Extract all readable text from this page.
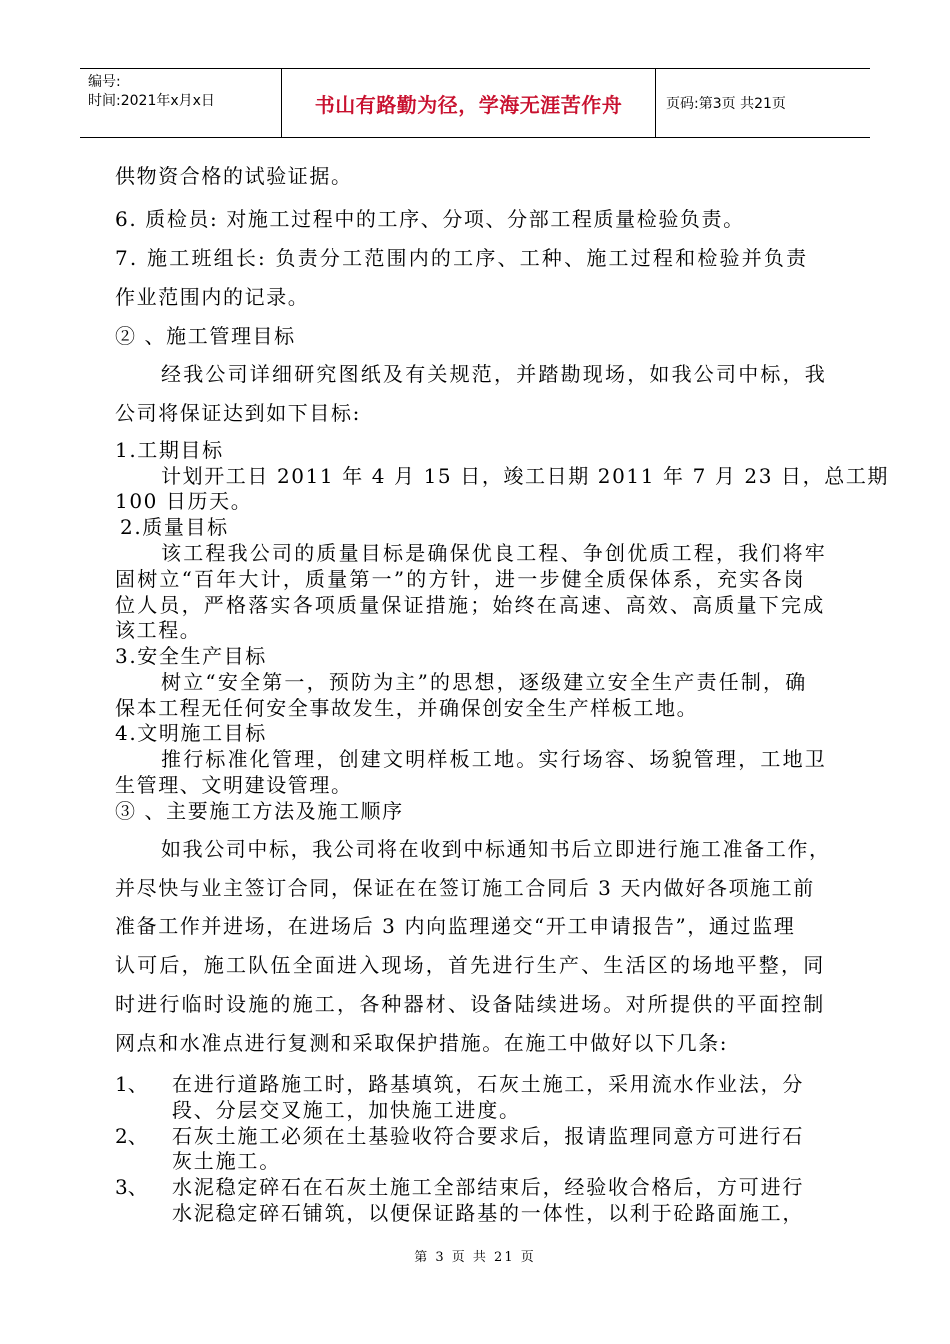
编号:
时间:2021年x月x日	书山有路勤为径，学海无涯苦作舟	页码:第3页 共21页
供物资合格的试验证据。
6. 质检员: 对施工过程中的工序、分项、分部工程质量检验负责。
7. 施工班组长: 负责分工范围内的工序、工种、施工过程和检验并负责
作业范围内的记录。
② 、施工管理目标
经我公司详细研究图纸及有关规范，并踏勘现场，如我公司中标，我
公司将保证达到如下目标:
1.工期目标
计划开工日 2011 年 4 月 15 日，竣工日期 2011 年 7 月 23 日，总工期
100 日历天。
2.质量目标
该工程我公司的质量目标是确保优良工程、争创优质工程，我们将牢
固树立“百年大计，质量第一”的方针，进一步健全质保体系，充实各岗
位人员，严格落实各项质量保证措施；始终在高速、高效、高质量下完成
该工程。
3.安全生产目标
树立“安全第一，预防为主”的思想，逐级建立安全生产责任制，确
保本工程无任何安全事故发生，并确保创安全生产样板工地。
4.文明施工目标
推行标准化管理，创建文明样板工地。实行场容、场貌管理，工地卫
生管理、文明建设管理。
③ 、主要施工方法及施工顺序
如我公司中标，我公司将在收到中标通知书后立即进行施工准备工作，
并尽快与业主签订合同，保证在在签订施工合同后 3 天内做好各项施工前
准备工作并进场，在进场后 3 内向监理递交“开工申请报告”，通过监理
认可后，施工队伍全面进入现场，首先进行生产、生活区的场地平整，同
时进行临时设施的施工，各种器材、设备陆续进场。对所提供的平面控制
网点和水准点进行复测和采取保护措施。在施工中做好以下几条:
1、 在进行道路施工时，路基填筑，石灰土施工，采用流水作业法，分
段、分层交叉施工，加快施工进度。
2、 石灰土施工必须在土基验收符合要求后，报请监理同意方可进行石
灰土施工。
3、 水泥稳定碎石在石灰土施工全部结束后，经验收合格后，方可进行
水泥稳定碎石铺筑，以便保证路基的一体性，以利于砼路面施工，
第 3 页 共 21 页
